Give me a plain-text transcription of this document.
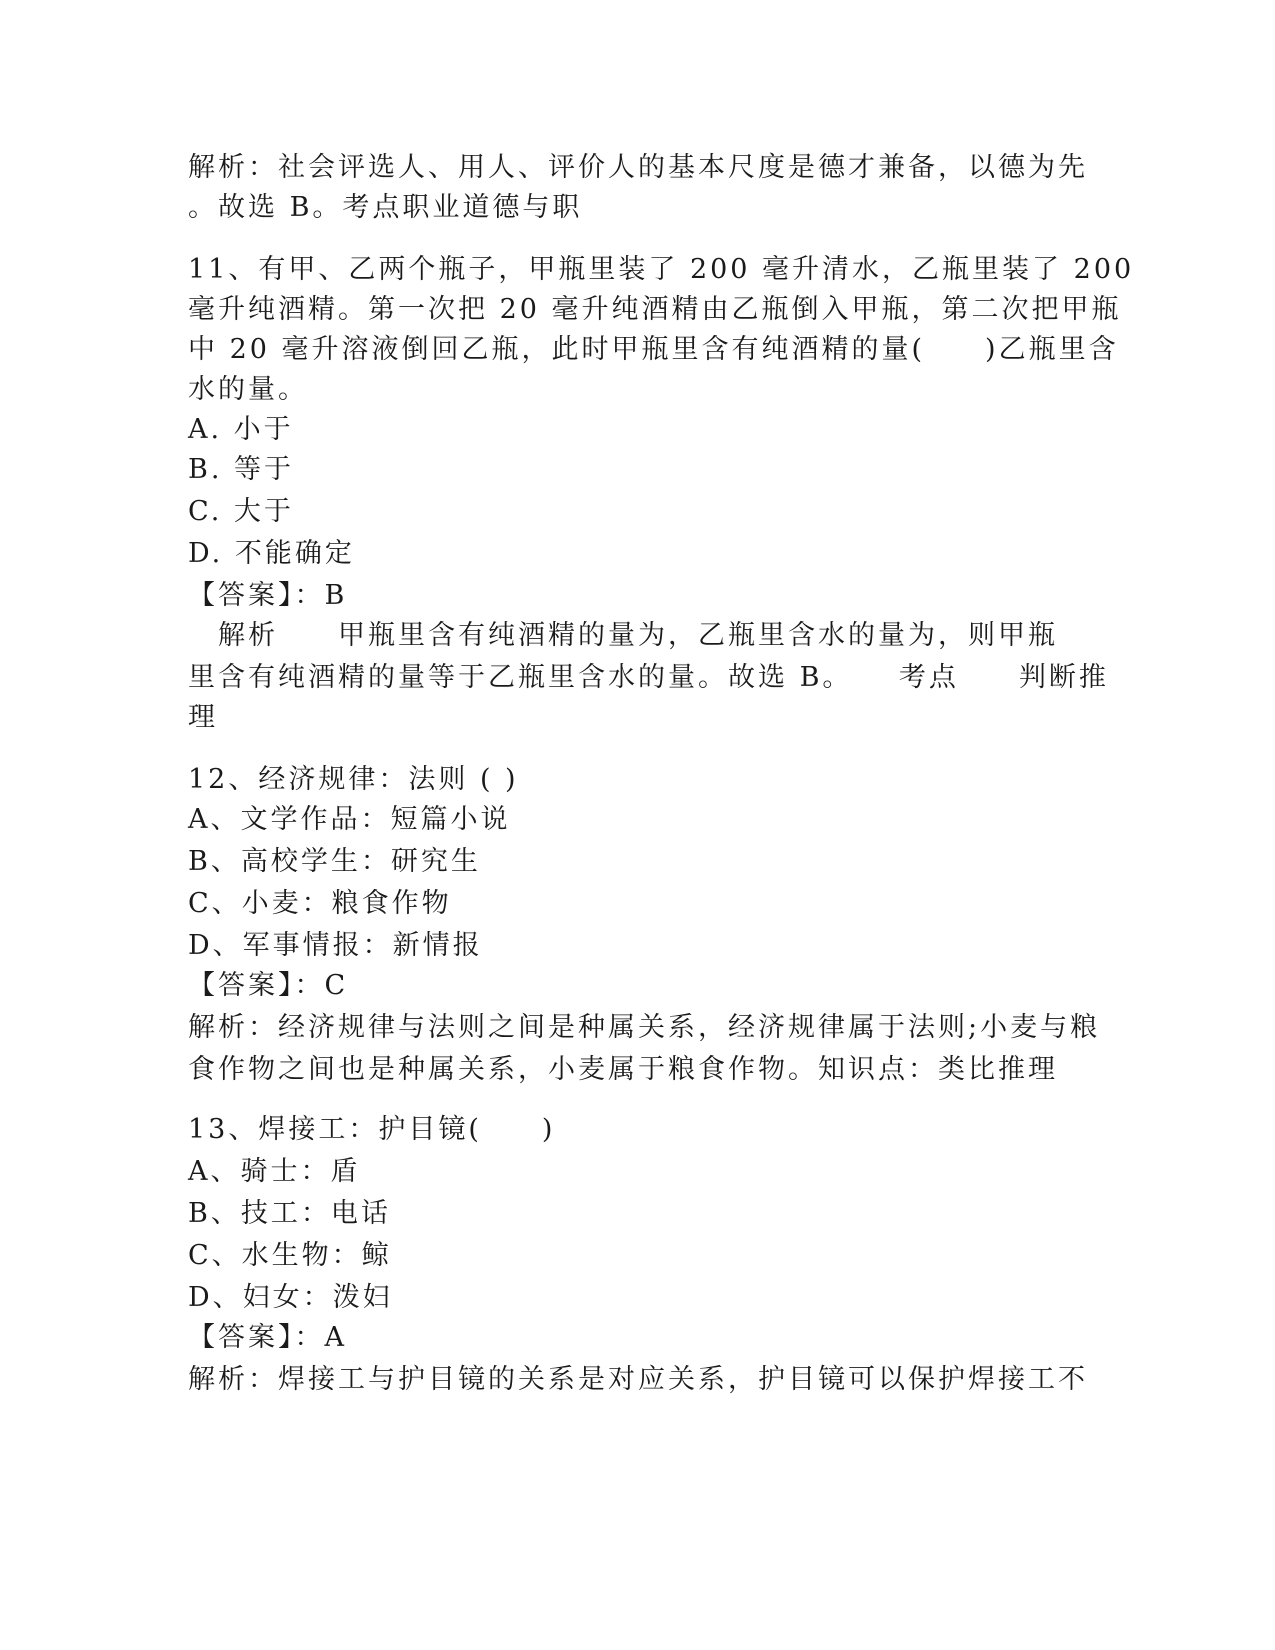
解析：社会评选人、用人、评价人的基本尺度是德才兼备，以德为先
。故选 B。考点职业道德与职
11、有甲、乙两个瓶子，甲瓶里装了 200 毫升清水，乙瓶里装了 200
毫升纯酒精。第一次把 20 毫升纯酒精由乙瓶倒入甲瓶，第二次把甲瓶
中 20 毫升溶液倒回乙瓶，此时甲瓶里含有纯酒精的量(　　)乙瓶里含
水的量。
A. 小于
B. 等于
C. 大于
D. 不能确定
【答案】：B
　解析　　甲瓶里含有纯酒精的量为，乙瓶里含水的量为，则甲瓶
里含有纯酒精的量等于乙瓶里含水的量。故选 B。　　考点　　判断推
理
12、经济规律：法则 ( )
A、文学作品：短篇小说
B、高校学生：研究生
C、小麦：粮食作物
D、军事情报：新情报
【答案】：C
解析：经济规律与法则之间是种属关系，经济规律属于法则;小麦与粮
食作物之间也是种属关系，小麦属于粮食作物。知识点：类比推理
13、焊接工：护目镜(　　)
A、骑士：盾
B、技工：电话
C、水生物：鲸
D、妇女：泼妇
【答案】：A
解析：焊接工与护目镜的关系是对应关系，护目镜可以保护焊接工不
